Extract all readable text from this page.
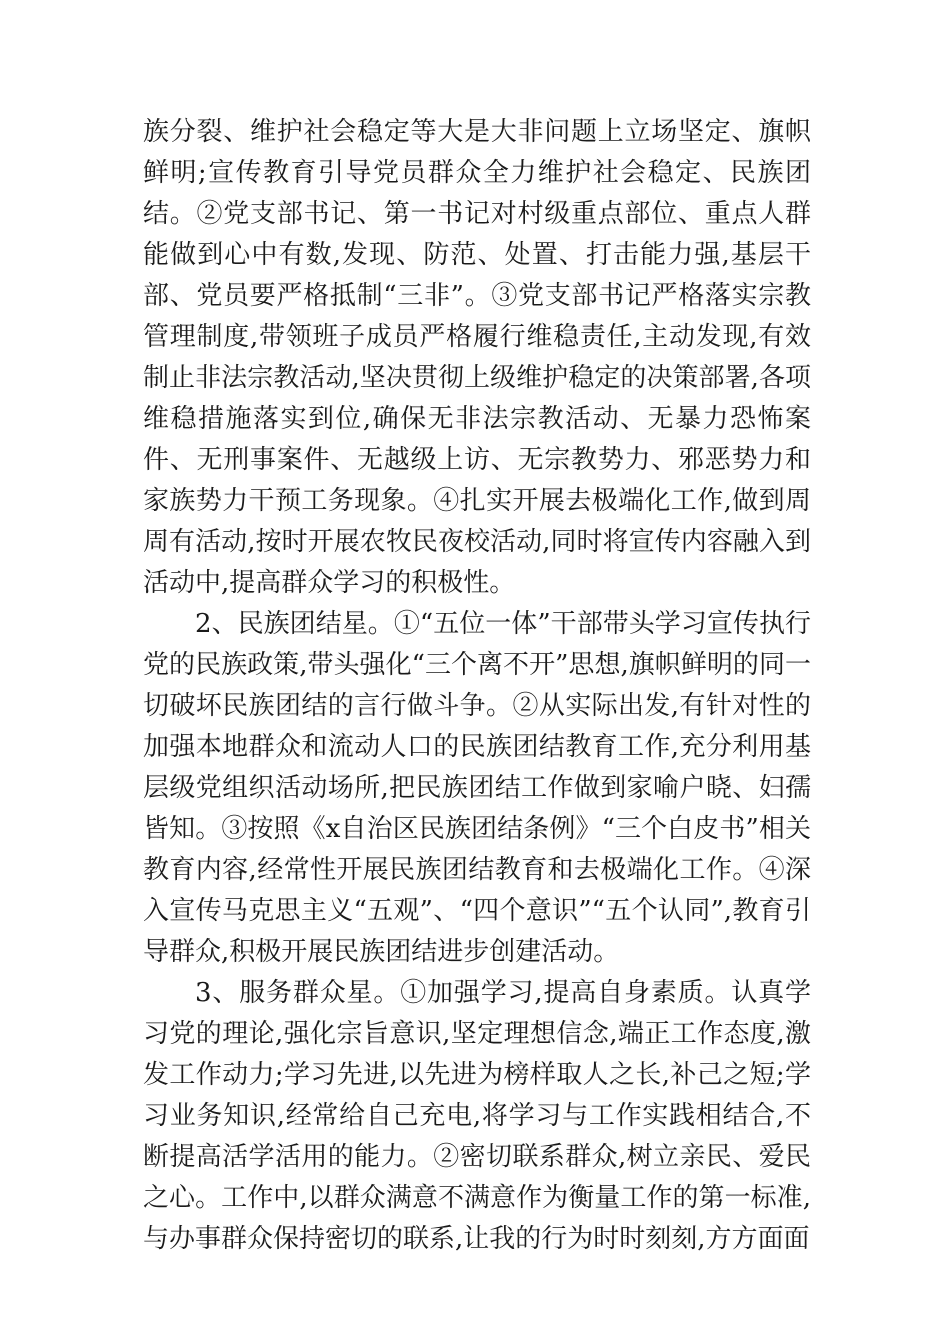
族分裂、维护社会稳定等大是大非问题上立场坚定、旗帜鲜明;宣传教育引导党员群众全力维护社会稳定、民族团结。②党支部书记、第一书记对村级重点部位、重点人群能做到心中有数,发现、防范、处置、打击能力强,基层干部、党员要严格抵制“三非”。③党支部书记严格落实宗教管理制度,带领班子成员严格履行维稳责任,主动发现,有效制止非法宗教活动,坚决贯彻上级维护稳定的决策部署,各项维稳措施落实到位,确保无非法宗教活动、无暴力恐怖案件、无刑事案件、无越级上访、无宗教势力、邪恶势力和家族势力干预工务现象。④扎实开展去极端化工作,做到周周有活动,按时开展农牧民夜校活动,同时将宣传内容融入到活动中,提高群众学习的积极性。

2、民族团结星。①“五位一体”干部带头学习宣传执行党的民族政策,带头强化“三个离不开”思想,旗帜鲜明的同一切破坏民族团结的言行做斗争。②从实际出发,有针对性的加强本地群众和流动人口的民族团结教育工作,充分利用基层级党组织活动场所,把民族团结工作做到家喻户晓、妇孺皆知。③按照《x自治区民族团结条例》“三个白皮书”相关教育内容,经常性开展民族团结教育和去极端化工作。④深入宣传马克思主义“五观”、“四个意识”“五个认同”,教育引导群众,积极开展民族团结进步创建活动。

3、服务群众星。①加强学习,提高自身素质。认真学习党的理论,强化宗旨意识,坚定理想信念,端正工作态度,激发工作动力;学习先进,以先进为榜样取人之长,补己之短;学习业务知识,经常给自己充电,将学习与工作实践相结合,不断提高活学活用的能力。②密切联系群众,树立亲民、爱民之心。工作中,以群众满意不满意作为衡量工作的第一标准,与办事群众保持密切的联系,让我的行为时时刻刻,方方面面
